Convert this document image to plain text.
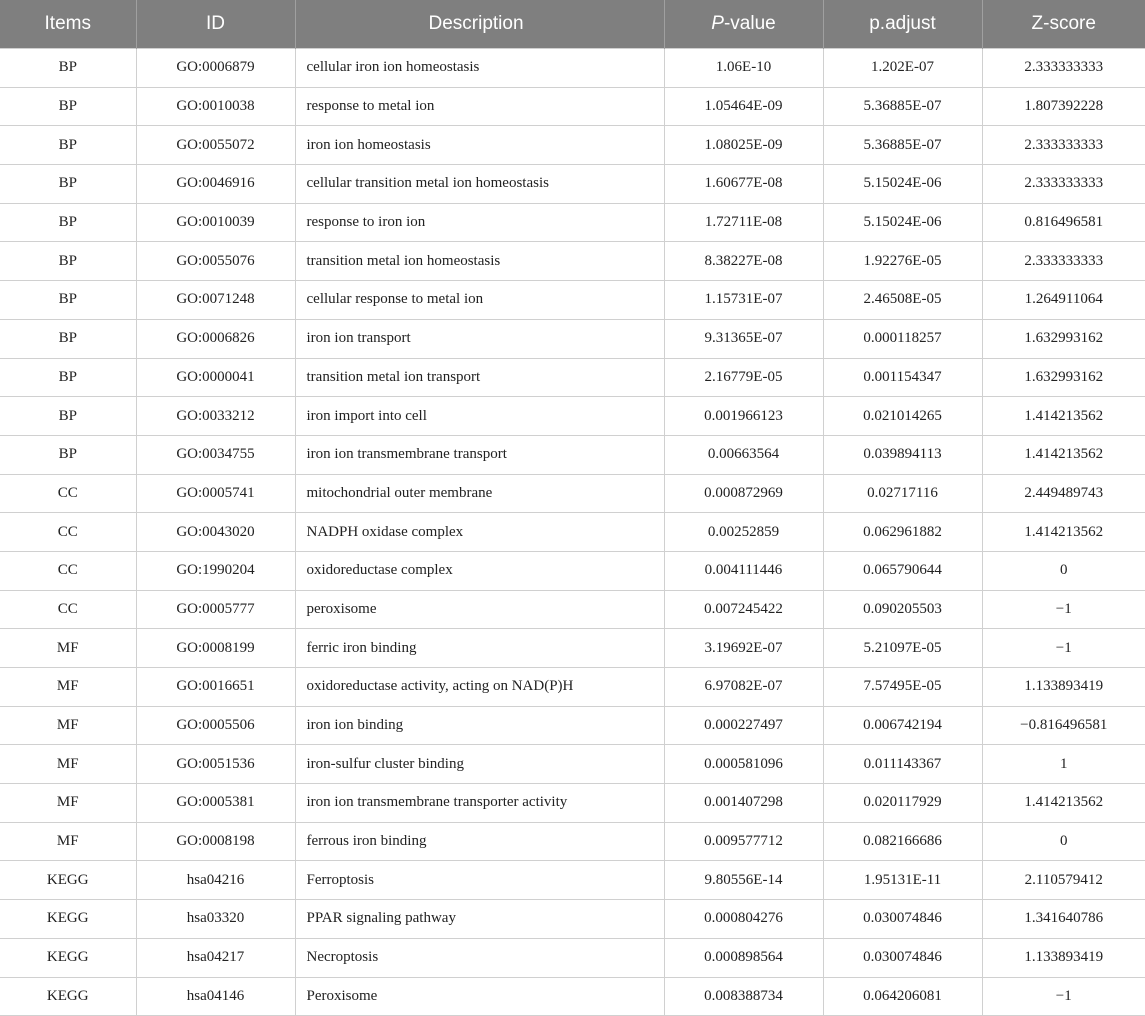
Items	ID	Description	P-value	p.adjust	Z-score
BP	GO:0006879	cellular iron ion homeostasis	1.06E-10	1.202E-07	2.333333333
BP	GO:0010038	response to metal ion	1.05464E-09	5.36885E-07	1.807392228
BP	GO:0055072	iron ion homeostasis	1.08025E-09	5.36885E-07	2.333333333
BP	GO:0046916	cellular transition metal ion homeostasis	1.60677E-08	5.15024E-06	2.333333333
BP	GO:0010039	response to iron ion	1.72711E-08	5.15024E-06	0.816496581
BP	GO:0055076	transition metal ion homeostasis	8.38227E-08	1.92276E-05	2.333333333
BP	GO:0071248	cellular response to metal ion	1.15731E-07	2.46508E-05	1.264911064
BP	GO:0006826	iron ion transport	9.31365E-07	0.000118257	1.632993162
BP	GO:0000041	transition metal ion transport	2.16779E-05	0.001154347	1.632993162
BP	GO:0033212	iron import into cell	0.001966123	0.021014265	1.414213562
BP	GO:0034755	iron ion transmembrane transport	0.00663564	0.039894113	1.414213562
CC	GO:0005741	mitochondrial outer membrane	0.000872969	0.02717116	2.449489743
CC	GO:0043020	NADPH oxidase complex	0.00252859	0.062961882	1.414213562
CC	GO:1990204	oxidoreductase complex	0.004111446	0.065790644	0
CC	GO:0005777	peroxisome	0.007245422	0.090205503	−1
MF	GO:0008199	ferric iron binding	3.19692E-07	5.21097E-05	−1
MF	GO:0016651	oxidoreductase activity, acting on NAD(P)H	6.97082E-07	7.57495E-05	1.133893419
MF	GO:0005506	iron ion binding	0.000227497	0.006742194	−0.816496581
MF	GO:0051536	iron-sulfur cluster binding	0.000581096	0.011143367	1
MF	GO:0005381	iron ion transmembrane transporter activity	0.001407298	0.020117929	1.414213562
MF	GO:0008198	ferrous iron binding	0.009577712	0.082166686	0
KEGG	hsa04216	Ferroptosis	9.80556E-14	1.95131E-11	2.110579412
KEGG	hsa03320	PPAR signaling pathway	0.000804276	0.030074846	1.341640786
KEGG	hsa04217	Necroptosis	0.000898564	0.030074846	1.133893419
KEGG	hsa04146	Peroxisome	0.008388734	0.064206081	−1
